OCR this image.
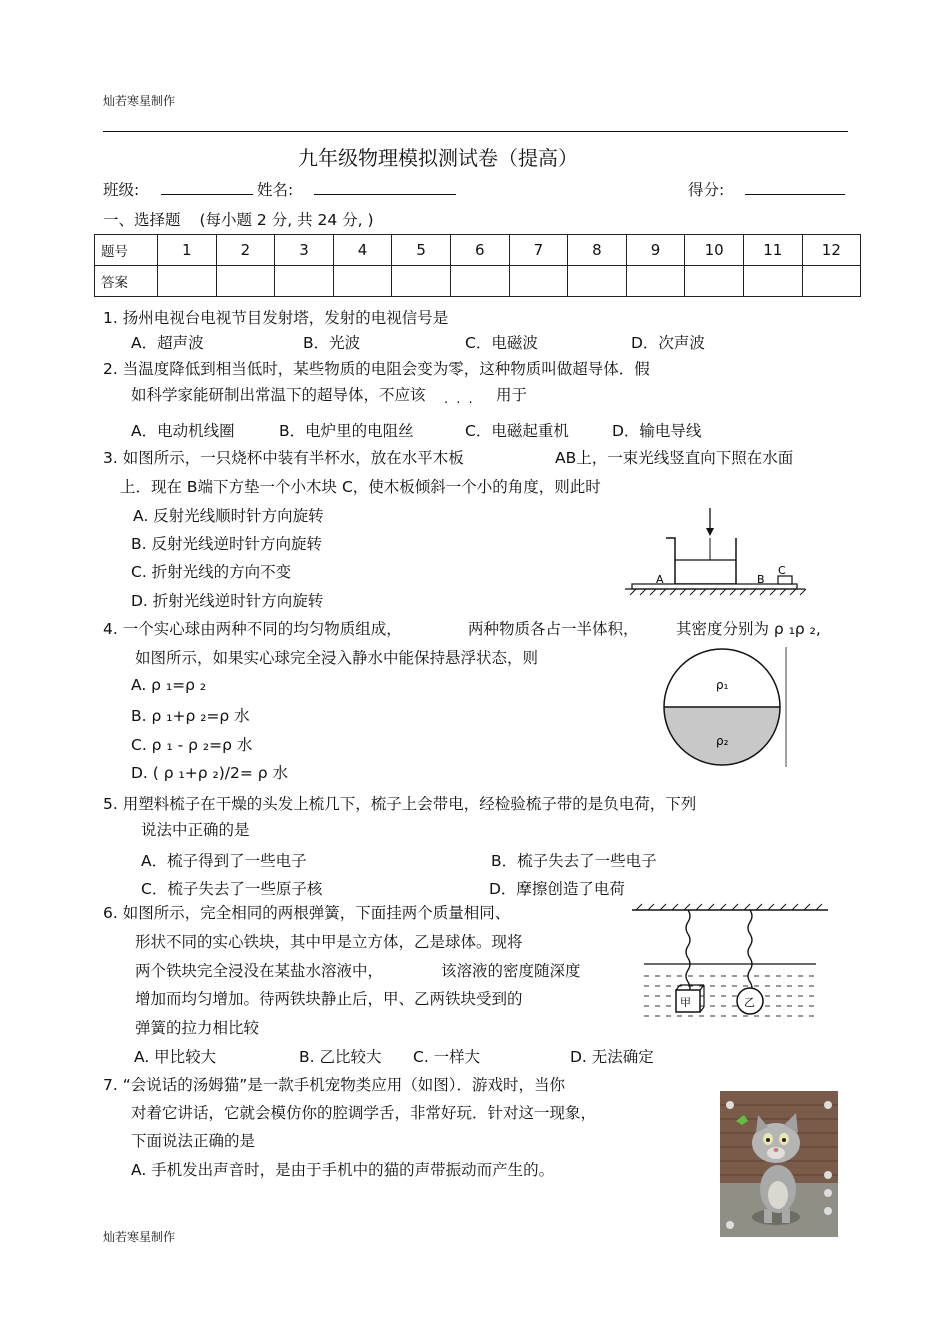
灿若寒星制作
九年级物理模拟测试卷（提高）
班级:	姓名:	得分:
一、选择题 (每小题 2 分, 共 24 分, )
题号	1	2	3	4	5	6	7	8	9	10	11	12
答案												
1. 扬州电视台电视节目发射塔，发射的电视信号是
A．超声波	B．光波	C．电磁波	D．次声波
2. 当温度降低到相当低时，某些物质的电阻会变为零，这种物质叫做超导体．假
如科学家能研制出常温下的超导体，不应该 . . . 用于
A．电动机线圈	B．电炉里的电阻丝	C．电磁起重机	D．输电导线
3. 如图所示，一只烧杯中装有半杯水，放在水平木板	AB上，一束光线竖直向下照在水面
上．现在 B端下方垫一个小木块 C，使木板倾斜一个小的角度，则此时
A. 反射光线顺时针方向旋转
B. 反射光线逆时针方向旋转
C. 折射光线的方向不变
D. 折射光线逆时针方向旋转
A	B
C
4. 一个实心球由两种不同的均匀物质组成，	两种物质各占一半体积， 其密度分别为 ρ ₁ρ ₂,
如图所示，如果实心球完全浸入静水中能保持悬浮状态，则
A. ρ ₁=ρ ₂
B. ρ ₁+ρ ₂=ρ 水
C. ρ ₁ - ρ ₂=ρ 水
D. ( ρ ₁+ρ ₂)/2= ρ 水
ρ₁
ρ₂
5. 用塑料梳子在干燥的头发上梳几下，梳子上会带电，经检验梳子带的是负电荷，下列
说法中正确的是
A．梳子得到了一些电子	B．梳子失去了一些电子
C．梳子失去了一些原子核	D．摩擦创造了电荷
6. 如图所示，完全相同的两根弹簧，下面挂两个质量相同、
形状不同的实心铁块，其中甲是立方体，乙是球体。现将
两个铁块完全浸没在某盐水溶液中，	该溶液的密度随深度
增加而均匀增加。待两铁块静止后，甲、乙两铁块受到的
弹簧的拉力相比较
A. 甲比较大	B. 乙比较大 C. 一样大	D. 无法确定
甲	乙
7. “会说话的汤姆猫”是一款手机宠物类应用（如图）．游戏时，当你
对着它讲话，它就会模仿你的腔调学舌，非常好玩．针对这一现象，
下面说法正确的是
A. 手机发出声音时，是由于手机中的猫的声带振动而产生的。
灿若寒星制作
